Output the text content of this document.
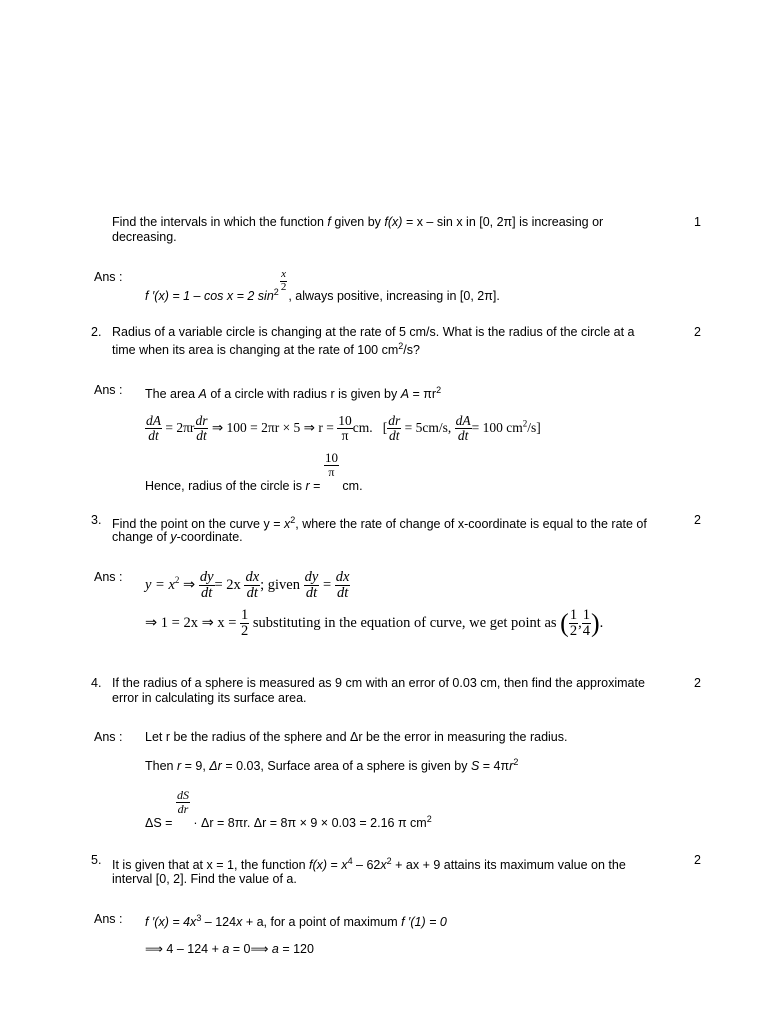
Find the intervals in which the function f given by f(x) = x – sin x in [0, 2π] is increasing or
decreasing.
1
Ans :
f ′(x) = 1 – cos x = 2 $\sin^2 \frac{x}{2}$
, always positive, increasing in [0, 2π].
2. Radius of a variable circle is changing at the rate of 5 cm/s. What is the radius of the circle at a
time when its area is changing at the rate of 100 $cm^2/s$?
2
Ans : The area A of a circle with radius r is given by $A = \pi r^2$
$\frac{dA}{dt} = 2\pi r \frac{dr}{dt}$ ⇒ 100 = 2πr × 5 ⇒ $r = \frac{10}{\pi}$ cm. [ $\frac{dr}{dt} = 5cm/s$, $\frac{dA}{dt} = 100$ $cm^2/s$]
Hence, radius of the circle is r =
$\frac{10}{\pi}$
cm.
3. Find the point on the curve $y = x^2$, where the rate of change of x-coordinate is equal to the rate of
change of y-coordinate.
2
Ans :
$y = x^2$ ⇒ $\frac{dy}{dt} = 2x \frac{dx}{dt}$ ; given $\frac{dy}{dt} = \frac{dx}{dt}$
⇒ 1 = 2x ⇒ $x = \frac{1}{2}$ substituting in the equation of curve, we get point as ( $\frac{1}{2}$ , $\frac{1}{4}$ ).
4. If the radius of a sphere is measured as 9 cm with an error of 0.03 cm, then find the approximate
error in calculating its surface area.
2
Ans : Let r be the radius of the sphere and Δr be the error in measuring the radius.
Then r = 9, Δr = 0.03, Surface area of a sphere is given by $S = 4\pi r^2$
ΔS =
$\frac{dS}{dr}$
· Δr = 8πr. Δr = 8π × 9 × 0.03 = 2.16 π $cm^2$
5. It is given that at x = 1, the function $f(x) = x^4 - 62x^2$ + ax + 9 attains its maximum value on the
interval [0, 2]. Find the value of a.
2
Ans : f $'(x) = 4x^3 - 124x + a$, for a point of maximum f ′(1) = 0
⟹ 4 – 124 + a = 0⟹ a = 120
